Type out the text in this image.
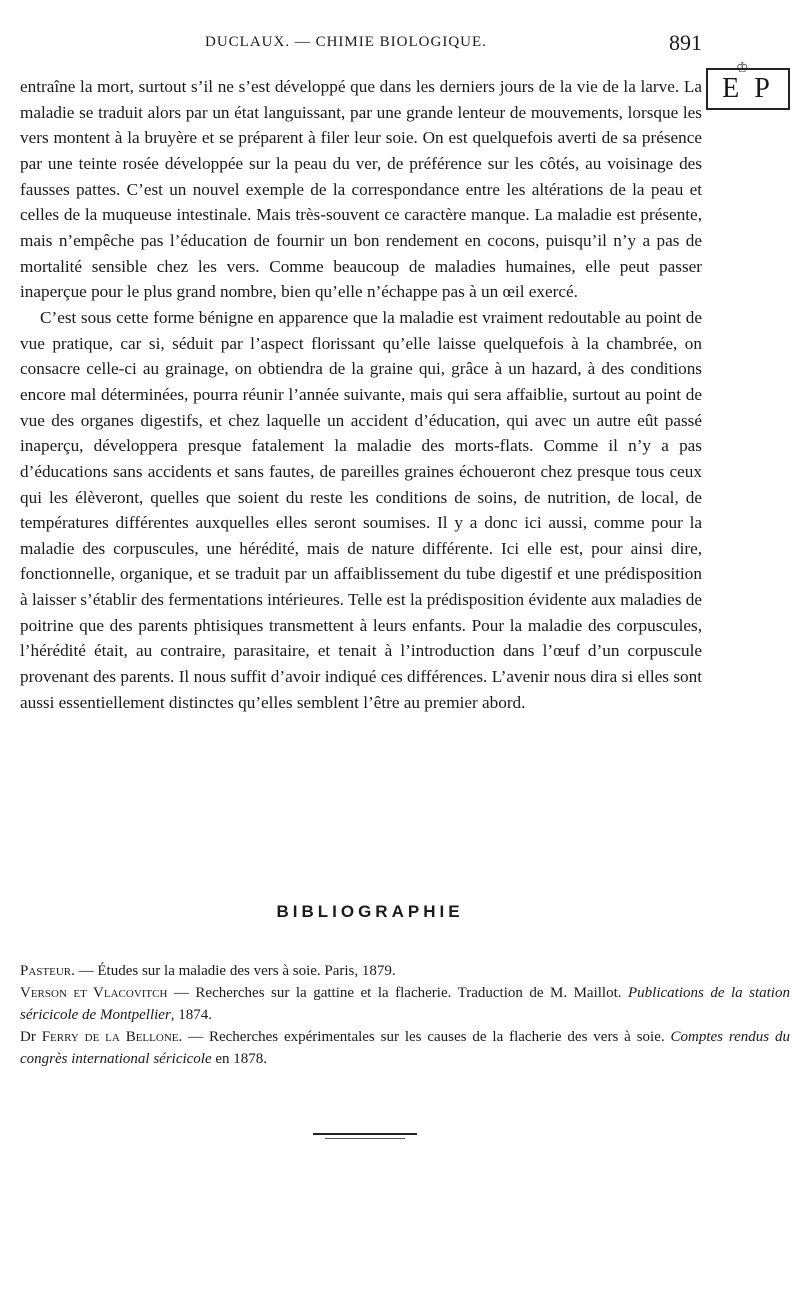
DUCLAUX. — CHIMIE BIOLOGIQUE.	891
♔
E P

entraîne la mort, surtout s’il ne s’est développé que dans les derniers jours de la vie de la larve. La maladie se traduit alors par un état languissant, par une grande lenteur de mouvements, lorsque les vers montent à la bruyère et se préparent à filer leur soie. On est quelquefois averti de sa présence par une teinte rosée développée sur la peau du ver, de préférence sur les côtés, au voisinage des fausses pattes. C’est un nouvel exemple de la correspondance entre les altérations de la peau et celles de la muqueuse intestinale. Mais très-souvent ce caractère manque. La maladie est présente, mais n’empêche pas l’éducation de fournir un bon rendement en cocons, puisqu’il n’y a pas de mortalité sensible chez les vers. Comme beaucoup de maladies humaines, elle peut passer inaperçue pour le plus grand nombre, bien qu’elle n’échappe pas à un œil exercé.

C’est sous cette forme bénigne en apparence que la maladie est vraiment redoutable au point de vue pratique, car si, séduit par l’aspect florissant qu’elle laisse quelquefois à la chambrée, on consacre celle-ci au grainage, on obtiendra de la graine qui, grâce à un hazard, à des conditions encore mal déterminées, pourra réunir l’année suivante, mais qui sera affaiblie, surtout au point de vue des organes digestifs, et chez laquelle un accident d’éducation, qui avec un autre eût passé inaperçu, développera presque fatalement la maladie des morts-flats. Comme il n’y a pas d’éducations sans accidents et sans fautes, de pareilles graines échoueront chez presque tous ceux qui les élèveront, quelles que soient du reste les conditions de soins, de nutrition, de local, de températures différentes auxquelles elles seront soumises. Il y a donc ici aussi, comme pour la maladie des corpuscules, une hérédité, mais de nature différente. Ici elle est, pour ainsi dire, fonctionnelle, organique, et se traduit par un affaiblissement du tube digestif et une prédisposition à laisser s’établir des fermentations intérieures. Telle est la prédisposition évidente aux maladies de poitrine que des parents phtisiques transmettent à leurs enfants. Pour la maladie des corpuscules, l’hérédité était, au contraire, parasitaire, et tenait à l’introduction dans l’œuf d’un corpuscule provenant des parents. Il nous suffit d’avoir indiqué ces différences. L’avenir nous dira si elles sont aussi essentiellement distinctes qu’elles semblent l’être au premier abord.

BIBLIOGRAPHIE
Pasteur. — Études sur la maladie des vers à soie. Paris, 1879.
Verson et Vlacovitch — Recherches sur la gattine et la flacherie. Traduction de M. Maillot. Publications de la station séricicole de Montpellier, 1874.
Dr Ferry de la Bellone. — Recherches expérimentales sur les causes de la flacherie des vers à soie. Comptes rendus du congrès international séricicole en 1878.
